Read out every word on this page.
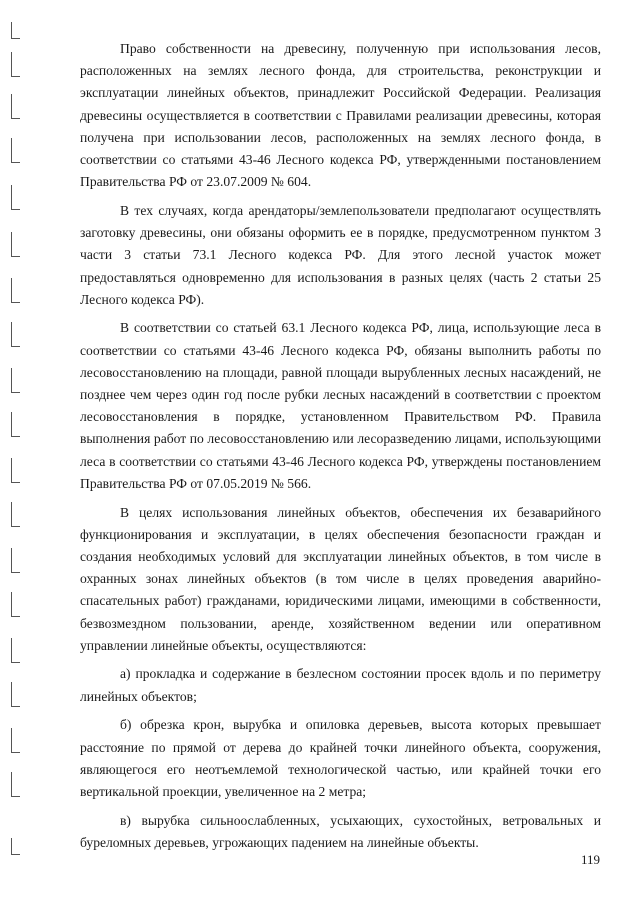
Право собственности на древесину, полученную при использования лесов, расположенных на землях лесного фонда, для строительства, реконструкции и эксплуатации линейных объектов, принадлежит Российской Федерации. Реализация древесины осуществляется в соответствии с Правилами реализации древесины, которая получена при использовании лесов, расположенных на землях лесного фонда, в соответствии со статьями 43-46 Лесного кодекса РФ, утвержденными постановлением Правительства РФ от 23.07.2009 № 604.

В тех случаях, когда арендаторы/землепользователи предполагают осуществлять заготовку древесины, они обязаны оформить ее в порядке, предусмотренном пунктом 3 части 3 статьи 73.1 Лесного кодекса РФ. Для этого лесной участок может предоставляться одновременно для использования в разных целях (часть 2 статьи 25 Лесного кодекса РФ).

В соответствии со статьей 63.1 Лесного кодекса РФ, лица, использующие леса в соответствии со статьями 43-46 Лесного кодекса РФ, обязаны выполнить работы по лесовосстановлению на площади, равной площади вырубленных лесных насаждений, не позднее чем через один год после рубки лесных насаждений в соответствии с проектом лесовосстановления в порядке, установленном Правительством РФ. Правила выполнения работ по лесовосстановлению или лесоразведению лицами, использующими леса в соответствии со статьями 43-46 Лесного кодекса РФ, утверждены постановлением Правительства РФ от 07.05.2019 № 566.

В целях использования линейных объектов, обеспечения их безаварийного функционирования и эксплуатации, в целях обеспечения безопасности граждан и создания необходимых условий для эксплуатации линейных объектов, в том числе в охранных зонах линейных объектов (в том числе в целях проведения аварийно-спасательных работ) гражданами, юридическими лицами, имеющими в собственности, безвозмездном пользовании, аренде, хозяйственном ведении или оперативном управлении линейные объекты, осуществляются:

а) прокладка и содержание в безлесном состоянии просек вдоль и по периметру линейных объектов;

б) обрезка крон, вырубка и опиловка деревьев, высота которых превышает расстояние по прямой от дерева до крайней точки линейного объекта, сооружения, являющегося его неотъемлемой технологической частью, или крайней точки его вертикальной проекции, увеличенное на 2 метра;

в) вырубка сильноослабленных, усыхающих, сухостойных, ветровальных и буреломных деревьев, угрожающих падением на линейные объекты.

119
